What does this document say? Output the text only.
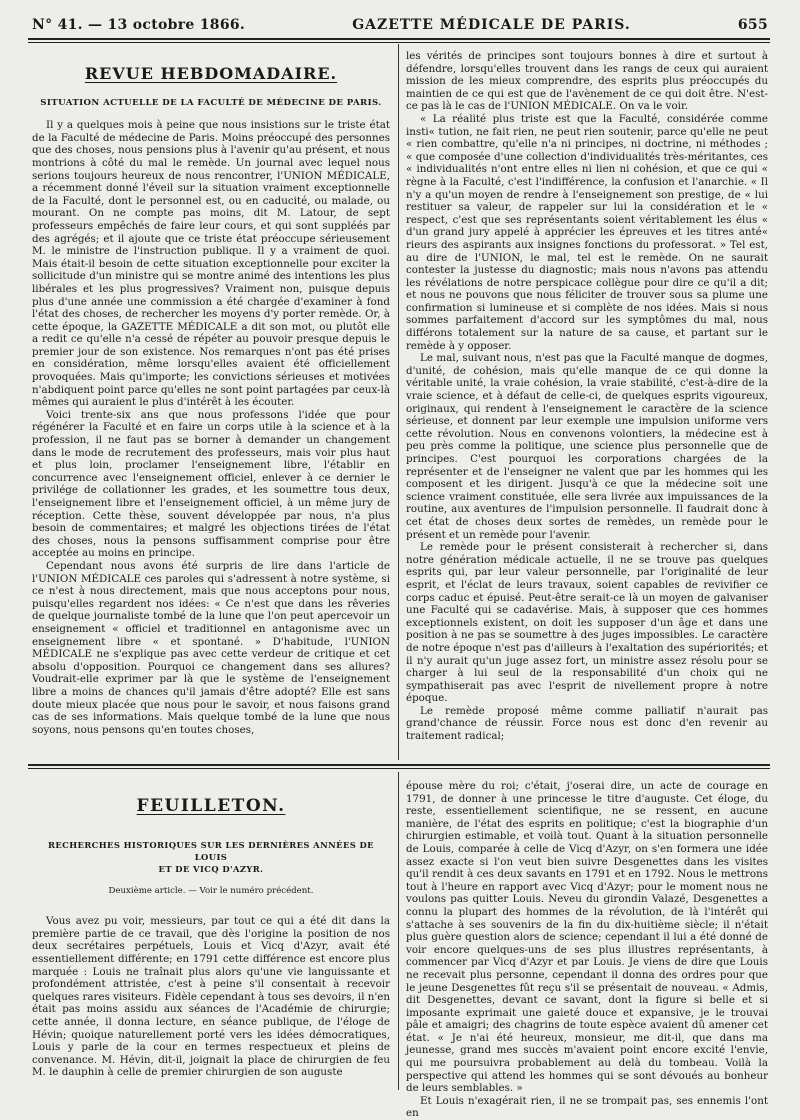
N° 41. — 13 octobre 1866.	GAZETTE MÉDICALE DE PARIS.	655
REVUE HEBDOMADAIRE.
SITUATION ACTUELLE DE LA FACULTÉ DE MÉDECINE DE PARIS.

Il y a quelques mois à peine que nous insistions sur le triste état de la Faculté de médecine de Paris. Moins préoccupé des personnes que des choses, nous pensions plus à l'avenir qu'au présent, et nous montrions à côté du mal le remède. Un journal avec lequel nous serions toujours heureux de nous rencontrer, l'UNION MÉDICALE, a récemment donné l'éveil sur la situation vraiment exceptionnelle de la Faculté, dont le personnel est, ou en caducité, ou malade, ou mourant. On ne compte pas moins, dit M. Latour, de sept professeurs empêchés de faire leur cours, et qui sont suppléés par des agrégés; et il ajoute que ce triste état préoccupe sérieusement M. le ministre de l'instruction publique. Il y a vraiment de quoi. Mais était-il besoin de cette situation exceptionnelle pour exciter la sollicitude d'un ministre qui se montre animé des intentions les plus libérales et les plus progressives? Vraiment non, puisque depuis plus d'une année une commission a été chargée d'examiner à fond l'état des choses, de rechercher les moyens d'y porter remède. Or, à cette époque, la GAZETTE MÉDICALE a dit son mot, ou plutôt elle a redit ce qu'elle n'a cessé de répéter au pouvoir presque depuis le premier jour de son existence. Nos remarques n'ont pas été prises en considération, même lorsqu'elles avaient été officiellement provoquées. Mais qu'importe; les convictions sérieuses et motivées n'abdiquent point parce qu'elles ne sont point partagées par ceux-là mêmes qui auraient le plus d'intérêt à les écouter.

Voici trente-six ans que nous professons l'idée que pour régénérer la Faculté et en faire un corps utile à la science et à la profession, il ne faut pas se borner à demander un changement dans le mode de recrutement des professeurs, mais voir plus haut et plus loin, proclamer l'enseignement libre, l'établir en concurrence avec l'enseignement officiel, enlever à ce dernier le privilége de collationner les grades, et les soumettre tous deux, l'enseignement libre et l'enseignement officiel, à un même jury de réception. Cette thèse, souvent développée par nous, n'a plus besoin de commentaires; et malgré les objections tirées de l'état des choses, nous la pensons suffisamment comprise pour être acceptée au moins en principe.

Cependant nous avons été surpris de lire dans l'article de l'UNION MÉDICALE ces paroles qui s'adressent à notre système, si ce n'est à nous directement, mais que nous acceptons pour nous, puisqu'elles regardent nos idées: « Ce n'est que dans les rêveries de quelque journaliste tombé de la lune que l'on peut apercevoir un enseignement « officiel et traditionnel en antagonisme avec un enseignement libre « et spontané. » D'habitude, l'UNION MÉDICALE ne s'explique pas avec cette verdeur de critique et cet absolu d'opposition. Pourquoi ce changement dans ses allures? Voudrait-elle exprimer par là que le système de l'enseignement libre a moins de chances qu'il jamais d'être adopté? Elle est sans doute mieux placée que nous pour le savoir, et nous faisons grand cas de ses informations. Mais quelque tombé de la lune que nous soyons, nous pensons qu'en toutes choses,

les vérités de principes sont toujours bonnes à dire et surtout à défendre, lorsqu'elles trouvent dans les rangs de ceux qui auraient mission de les mieux comprendre, des esprits plus préoccupés du maintien de ce qui est que de l'avènement de ce qui doit être. N'est-ce pas là le cas de l'UNION MÉDICALE. On va le voir.

« La réalité plus triste est que la Faculté, considérée comme insti« tution, ne fait rien, ne peut rien soutenir, parce qu'elle ne peut « rien combattre, qu'elle n'a ni principes, ni doctrine, ni méthodes ; « que composée d'une collection d'individualités très-méritantes, ces « individualités n'ont entre elles ni lien ni cohésion, et que ce qui « règne à la Faculté, c'est l'indifférence, la confusion et l'anarchie. « Il n'y a qu'un moyen de rendre à l'enseignement son prestige, de « lui restituer sa valeur, de rappeler sur lui la considération et le « respect, c'est que ses représentants soient véritablement les élus « d'un grand jury appelé à apprécier les épreuves et les titres anté« rieurs des aspirants aux insignes fonctions du professorat. » Tel est, au dire de l'UNION, le mal, tel est le remède. On ne saurait contester la justesse du diagnostic; mais nous n'avons pas attendu les révélations de notre perspicace collègue pour dire ce qu'il a dit; et nous ne pouvons que nous féliciter de trouver sous sa plume une confirmation si lumineuse et si complète de nos idées. Mais si nous sommes parfaitement d'accord sur les symptômes du mal, nous différons totalement sur la nature de sa cause, et partant sur le remède à y opposer.

Le mal, suivant nous, n'est pas que la Faculté manque de dogmes, d'unité, de cohésion, mais qu'elle manque de ce qui donne la véritable unité, la vraie cohésion, la vraie stabilité, c'est-à-dire de la vraie science, et à défaut de celle-ci, de quelques esprits vigoureux, originaux, qui rendent à l'enseignement le caractère de la science sérieuse, et donnent par leur exemple une impulsion uniforme vers cette révolution. Nous en convenons volontiers, la médecine est à peu près comme la politique, une science plus personnelle que de principes. C'est pourquoi les corporations chargées de la représenter et de l'enseigner ne valent que par les hommes qui les composent et les dirigent. Jusqu'à ce que la médecine soit une science vraiment constituée, elle sera livrée aux impuissances de la routine, aux aventures de l'impulsion personnelle. Il faudrait donc à cet état de choses deux sortes de remèdes, un remède pour le présent et un remède pour l'avenir.

Le remède pour le présent consisterait à rechercher si, dans notre génération médicale actuelle, il ne se trouve pas quelques esprits qui, par leur valeur personnelle, par l'originalité de leur esprit, et l'éclat de leurs travaux, soient capables de revivifier ce corps caduc et épuisé. Peut-être serait-ce là un moyen de galvaniser une Faculté qui se cadavérise. Mais, à supposer que ces hommes exceptionnels existent, on doit les supposer d'un âge et dans une position à ne pas se soumettre à des juges impossibles. Le caractère de notre époque n'est pas d'ailleurs à l'exaltation des supériorités; et il n'y aurait qu'un juge assez fort, un ministre assez résolu pour se charger à lui seul de la responsabilité d'un choix qui ne sympathiserait pas avec l'esprit de nivellement propre à notre époque.

Le remède proposé même comme palliatif n'aurait pas grand'chance de réussir. Force nous est donc d'en revenir au traitement radical;

FEUILLETON.
RECHERCHES HISTORIQUES SUR LES DERNIÈRES ANNÉES DE LOUIS
ET DE VICQ D'AZYR.
Deuxième article. — Voir le numéro précédent.

Vous avez pu voir, messieurs, par tout ce qui a été dit dans la première partie de ce travail, que dès l'origine la position de nos deux secrétaires perpétuels, Louis et Vicq d'Azyr, avait été essentiellement différente; en 1791 cette différence est encore plus marquée : Louis ne traînait plus alors qu'une vie languissante et profondément attristée, c'est à peine s'il consentait à recevoir quelques rares visiteurs. Fidèle cependant à tous ses devoirs, il n'en était pas moins assidu aux séances de l'Académie de chirurgie; cette année, il donna lecture, en séance publique, de l'éloge de Hévin; quoique naturellement porté vers les idées démocratiques, Louis y parle de la cour en termes respectueux et pleins de convenance. M. Hévin, dit-il, joignait la place de chirurgien de feu M. le dauphin à celle de premier chirurgien de son auguste

épouse mère du roi; c'était, j'oserai dire, un acte de courage en 1791, de donner à une princesse le titre d'auguste. Cet éloge, du reste, essentiellement scientifique, ne se ressent, en aucune manière, de l'état des esprits en politique; c'est la biographie d'un chirurgien estimable, et voilà tout. Quant à la situation personnelle de Louis, comparée à celle de Vicq d'Azyr, on s'en formera une idée assez exacte si l'on veut bien suivre Desgenettes dans les visites qu'il rendit à ces deux savants en 1791 et en 1792. Nous le mettrons tout à l'heure en rapport avec Vicq d'Azyr; pour le moment nous ne voulons pas quitter Louis. Neveu du girondin Valazé, Desgenettes a connu la plupart des hommes de la révolution, de là l'intérêt qui s'attache à ses souvenirs de la fin du dix-huitième siècle; il n'était plus guère question alors de science; cependant il lui a été donné de voir encore quelques-uns de ses plus illustres représentants, à commencer par Vicq d'Azyr et par Louis. Je viens de dire que Louis ne recevait plus personne, cependant il donna des ordres pour que le jeune Desgenettes fût reçu s'il se présentait de nouveau. « Admis, dit Desgenettes, devant ce savant, dont la figure si belle et si imposante exprimait une gaieté douce et expansive, je le trouvai pâle et amaigri; des chagrins de toute espèce avaient dû amener cet état. « Je n'ai été heureux, monsieur, me dit-il, que dans ma jeunesse, grand mes succès m'avaient point encore excité l'envie, qui me poursuivra probablement au delà du tombeau. Voilà la perspective qui attend les hommes qui se sont dévoués au bonheur de leurs semblables. »

Et Louis n'exagérait rien, il ne se trompait pas, ses ennemis l'ont en
